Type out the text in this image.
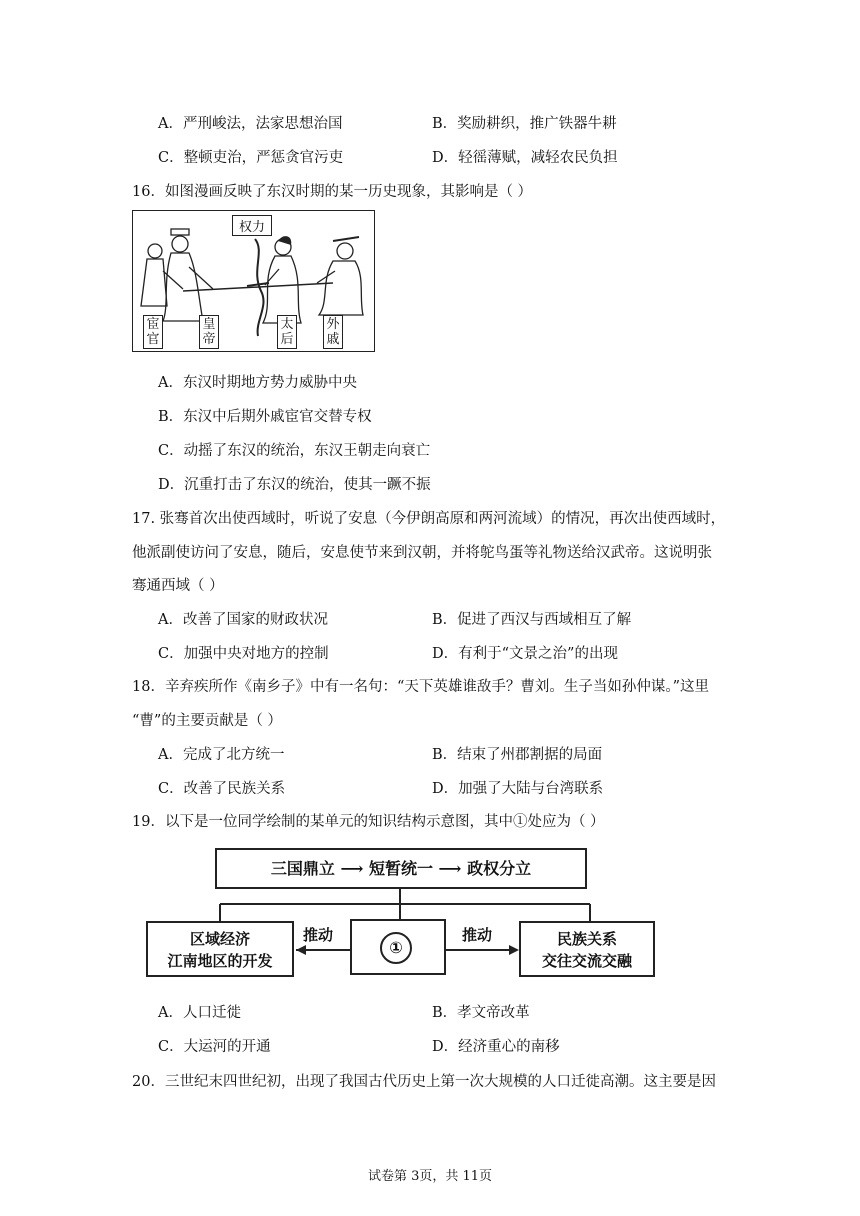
A．严刑峻法，法家思想治国	B．奖励耕织，推广铁器牛耕
C．整顿吏治，严惩贪官污吏	D．轻徭薄赋，减轻农民负担
16．如图漫画反映了东汉时期的某一历史现象，其影响是（ ）
权力
宦官
皇帝
太后
外戚
A．东汉时期地方势力威胁中央
B．东汉中后期外戚宦官交替专权
C．动摇了东汉的统治，东汉王朝走向衰亡
D．沉重打击了东汉的统治，使其一蹶不振
17. 张骞首次出使西域时，听说了安息（今伊朗高原和两河流域）的情况，再次出使西域时，
他派副使访问了安息，随后，安息使节来到汉朝，并将鸵鸟蛋等礼物送给汉武帝。这说明张
骞通西域（ ）
A．改善了国家的财政状况	B．促进了西汉与西域相互了解
C．加强中央对地方的控制	D．有利于“文景之治”的出现
18．辛弃疾所作《南乡子》中有一名句：“天下英雄谁敌手？曹刘。生子当如孙仲谋。”这里
“曹”的主要贡献是（ ）
A．完成了北方统一	B．结束了州郡割据的局面
C．改善了民族关系	D．加强了大陆与台湾联系
19．以下是一位同学绘制的某单元的知识结构示意图，其中①处应为（ ）
三国鼎立 ⟶ 短暂统一 ⟶ 政权分立
区域经济
江南地区的开发
①	民族关系
交往交流交融
推动	推动
A．人口迁徙	B．孝文帝改革
C．大运河的开通	D．经济重心的南移
20．三世纪末四世纪初，出现了我国古代历史上第一次大规模的人口迁徙高潮。这主要是因
试卷第 3页，共 11页
